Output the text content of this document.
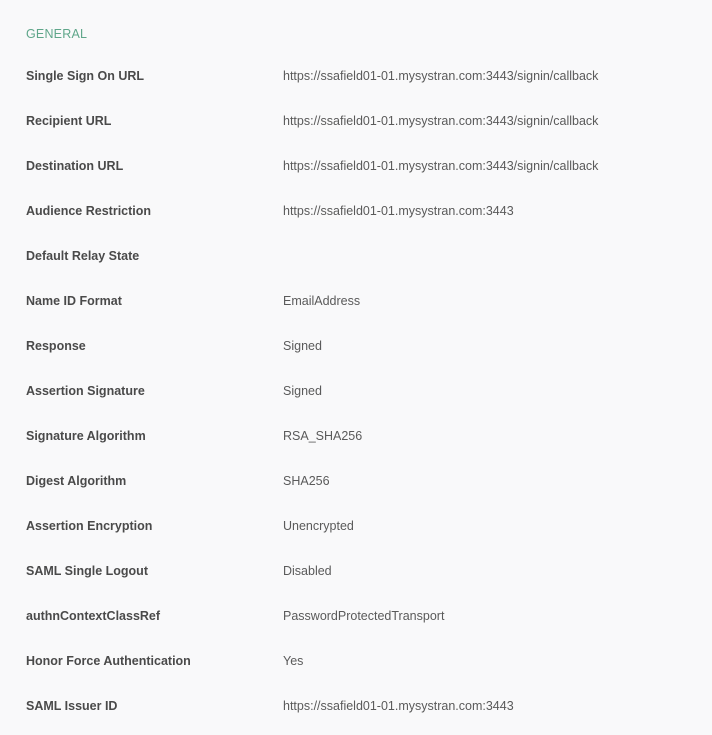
GENERAL
Single Sign On URL	https://ssafield01-01.mysystran.com:3443/signin/callback
Recipient URL	https://ssafield01-01.mysystran.com:3443/signin/callback
Destination URL	https://ssafield01-01.mysystran.com:3443/signin/callback
Audience Restriction	https://ssafield01-01.mysystran.com:3443
Default Relay State
Name ID Format	EmailAddress
Response	Signed
Assertion Signature	Signed
Signature Algorithm	RSA_SHA256
Digest Algorithm	SHA256
Assertion Encryption	Unencrypted
SAML Single Logout	Disabled
authnContextClassRef	PasswordProtectedTransport
Honor Force Authentication	Yes
SAML Issuer ID	https://ssafield01-01.mysystran.com:3443
